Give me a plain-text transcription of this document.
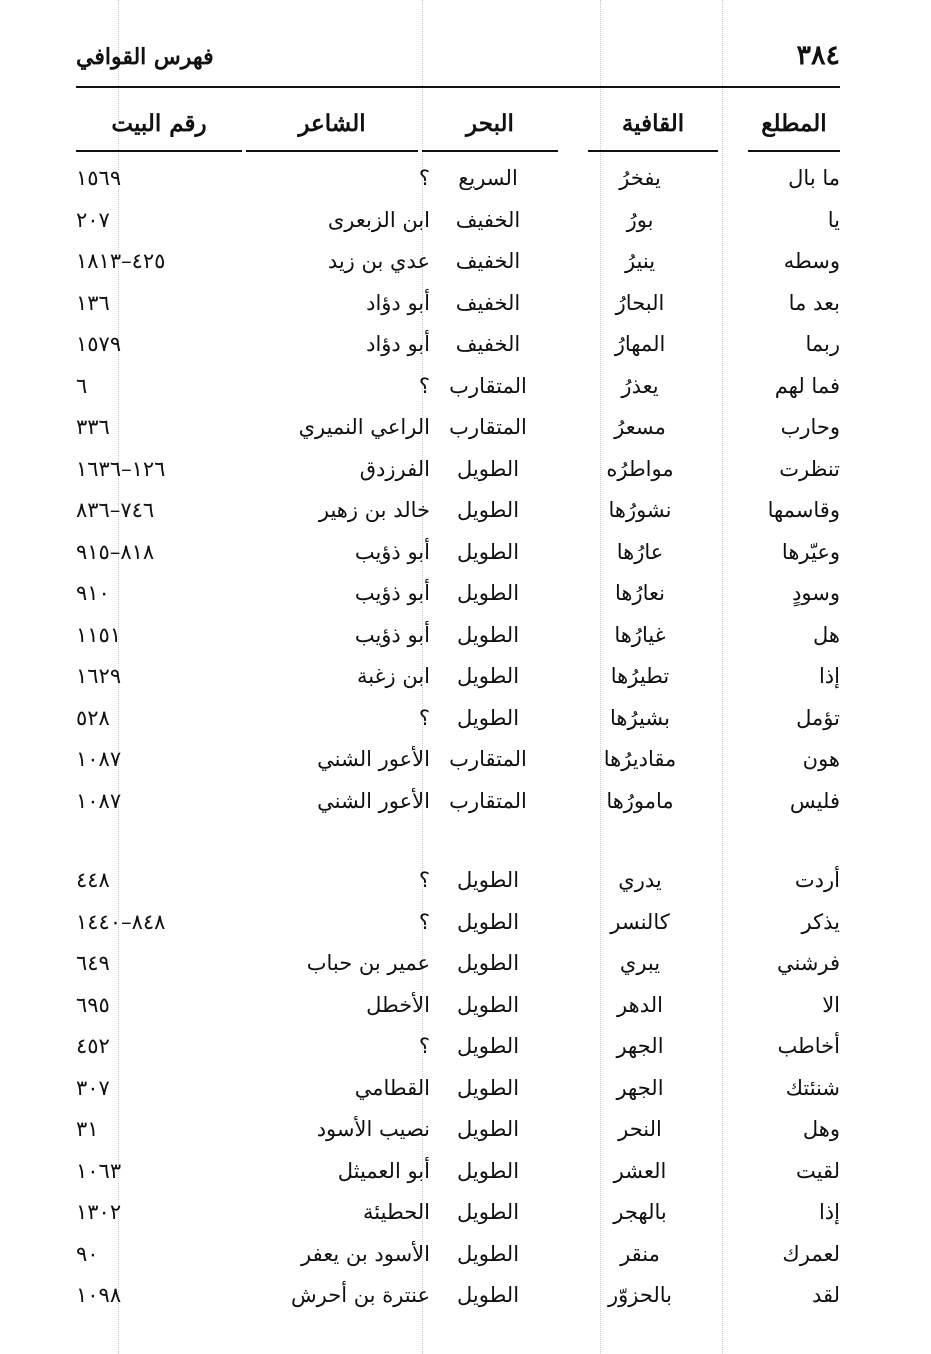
٣٨٤
فهرس القوافي
المطلع
القافية
البحر
الشاعر
رقم البيت
ما بال
يفخرُ
السريع
؟
١٥٦٩
يا
بورُ
الخفيف
ابن الزبعرى
٢٠٧
وسطه
ينيرُ
الخفيف
عدي بن زيد
٤٢٥–١٨١٣
بعد ما
البحارُ
الخفيف
أبو دؤاد
١٣٦
ربما
المهارُ
الخفيف
أبو دؤاد
١٥٧٩
فما لهم
يعذرُ
المتقارب
؟
٦
وحارب
مسعرُ
المتقارب
الراعي النميري
٣٣٦
تنظرت
مواطرُه
الطويل
الفرزدق
١٢٦–١٦٣٦
وقاسمها
نشورُها
الطويل
خالد بن زهير
٧٤٦–٨٣٦
وعيّرها
عارُها
الطويل
أبو ذؤيب
٨١٨–٩١٥
وسودٍ
نعارُها
الطويل
أبو ذؤيب
٩١٠
هل
غيارُها
الطويل
أبو ذؤيب
١١٥١
إذا
تطيرُها
الطويل
ابن زغبة
١٦٢٩
تؤمل
بشيرُها
الطويل
؟
٥٢٨
هون
مقاديرُها
المتقارب
الأعور الشني
١٠٨٧
فليس
مامورُها
المتقارب
الأعور الشني
١٠٨٧
أردت
يدري
الطويل
؟
٤٤٨
يذكر
كالنسر
الطويل
؟
٨٤٨–١٤٤٠
فرشني
يبري
الطويل
عمير بن حباب
٦٤٩
الا
الدهر
الطويل
الأخطل
٦٩٥
أخاطب
الجهر
الطويل
؟
٤٥٢
شنئتك
الجهر
الطويل
القطامي
٣٠٧
وهل
النحر
الطويل
نصيب الأسود
٣١
لقيت
العشر
الطويل
أبو العميثل
١٠٦٣
إذا
بالهجر
الطويل
الحطيئة
١٣٠٢
لعمرك
منقر
الطويل
الأسود بن يعفر
٩٠
لقد
بالحزوّر
الطويل
عنترة بن أحرش
١٠٩٨
